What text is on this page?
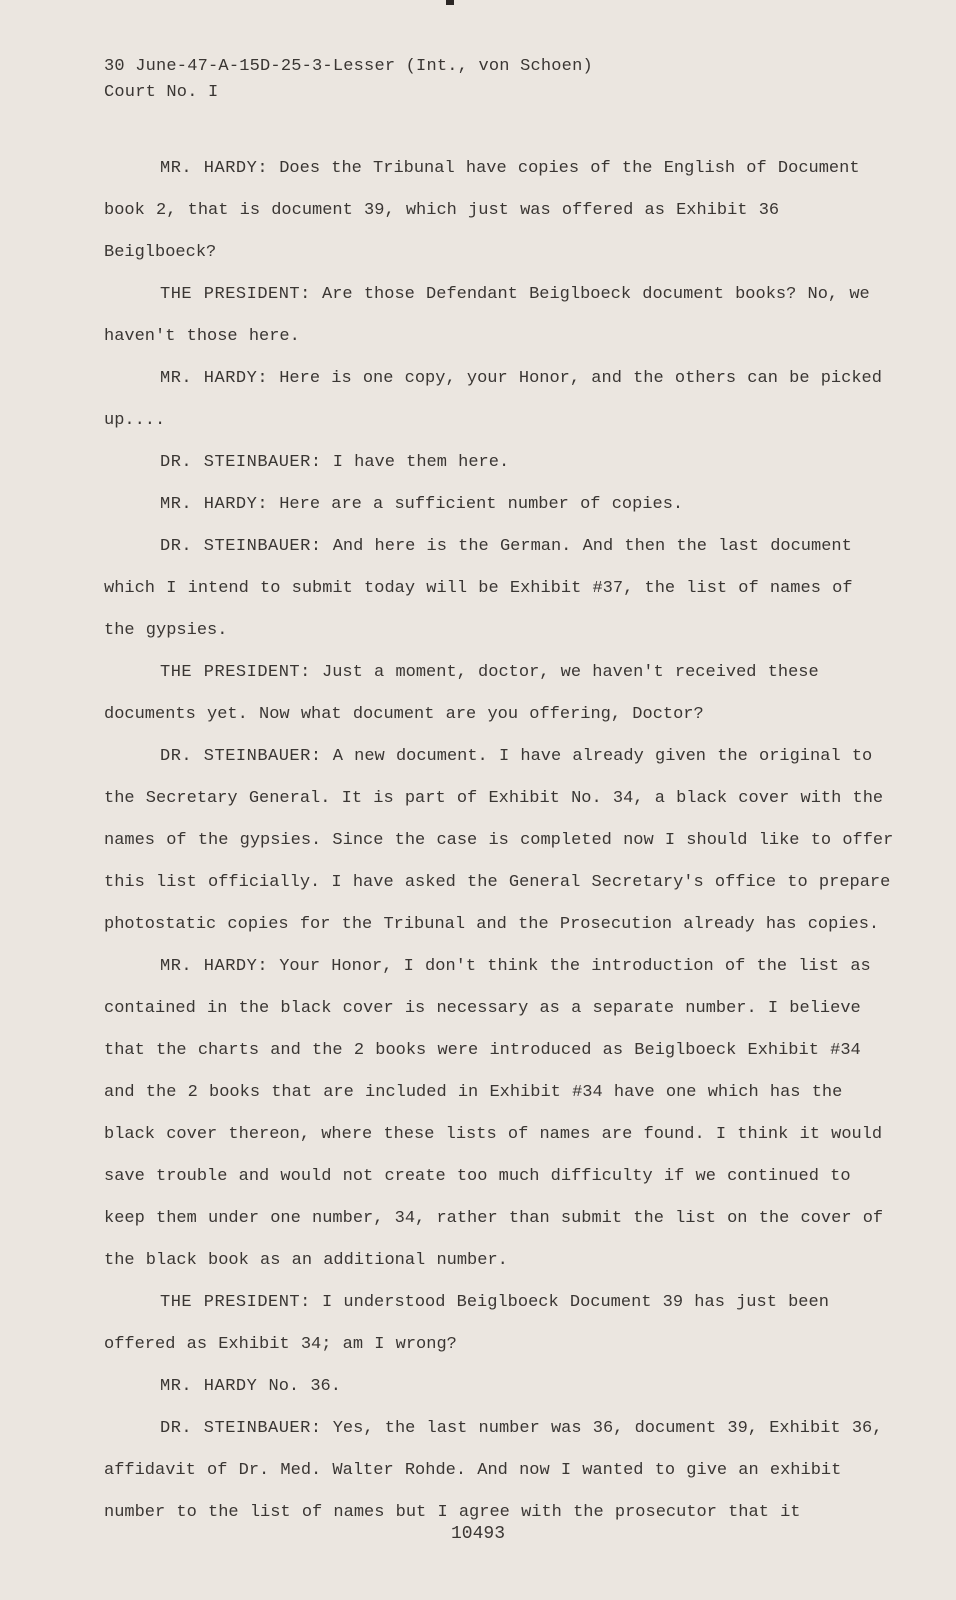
30 June-47-A-15D-25-3-Lesser (Int., von Schoen)
Court No. I

MR. HARDY: Does the Tribunal have copies of the English of Document book 2, that is document 39, which just was offered as Exhibit 36 Beiglboeck?

THE PRESIDENT: Are those Defendant Beiglboeck document books? No, we haven't those here.

MR. HARDY: Here is one copy, your Honor, and the others can be picked up....

DR. STEINBAUER: I have them here.

MR. HARDY: Here are a sufficient number of copies.

DR. STEINBAUER: And here is the German. And then the last document which I intend to submit today will be Exhibit #37, the list of names of the gypsies.

THE PRESIDENT: Just a moment, doctor, we haven't received these documents yet. Now what document are you offering, Doctor?

DR. STEINBAUER: A new document. I have already given the original to the Secretary General. It is part of Exhibit No. 34, a black cover with the names of the gypsies. Since the case is completed now I should like to offer this list officially. I have asked the General Secretary's office to prepare photostatic copies for the Tribunal and the Prosecution already has copies.

MR. HARDY: Your Honor, I don't think the introduction of the list as contained in the black cover is necessary as a separate number. I believe that the charts and the 2 books were introduced as Beiglboeck Exhibit #34 and the 2 books that are included in Exhibit #34 have one which has the black cover thereon, where these lists of names are found. I think it would save trouble and would not create too much difficulty if we continued to keep them under one number, 34, rather than submit the list on the cover of the black book as an additional number.

THE PRESIDENT: I understood Beiglboeck Document 39 has just been offered as Exhibit 34; am I wrong?

MR. HARDY No. 36.

DR. STEINBAUER: Yes, the last number was 36, document 39, Exhibit 36, affidavit of Dr. Med. Walter Rohde. And now I wanted to give an exhibit number to the list of names but I agree with the prosecutor that it

10493
